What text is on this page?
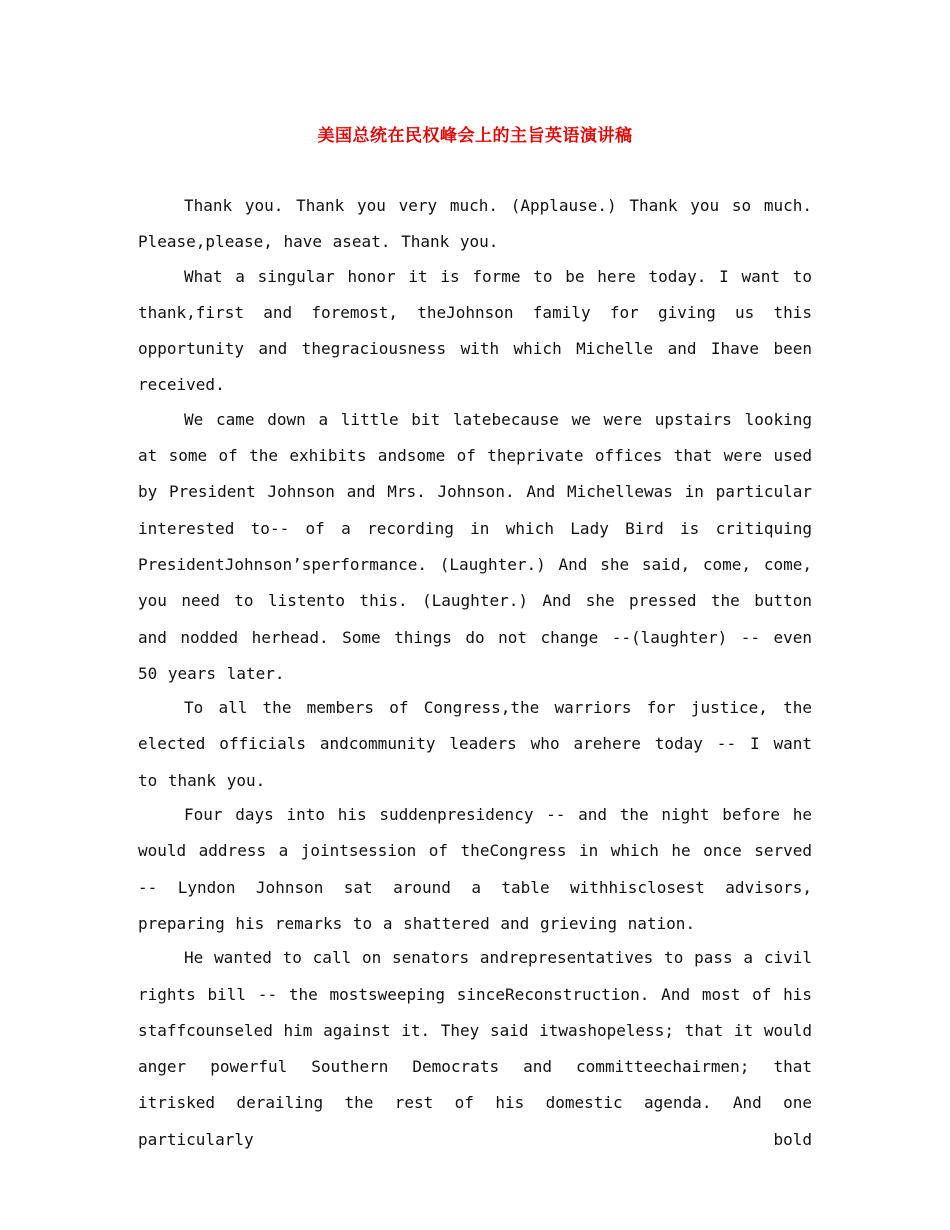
美国总统在民权峰会上的主旨英语演讲稿

Thank you. Thank you very much. (Applause.) Thank you so much. Please,please, have aseat. Thank you.

What a singular honor it is forme to be here today. I want to thank,first and foremost, theJohnson family for giving us this opportunity and thegraciousness with which Michelle and Ihave been received.

We came down a little bit latebecause we were upstairs looking at some of the exhibits andsome of theprivate offices that were used by President Johnson and Mrs. Johnson. And Michellewas in particular interested to-- of a recording in which Lady Bird is critiquing PresidentJohnson’sperformance. (Laughter.) And she said, come, come, you need to listento this. (Laughter.) And she pressed the button and nodded herhead. Some things do not change --(laughter) -- even 50 years later.

To all the members of Congress,the warriors for justice, the elected officials andcommunity leaders who arehere today -- I want to thank you.

Four days into his suddenpresidency -- and the night before he would address a jointsession of theCongress in which he once served -- Lyndon Johnson sat around a table withhisclosest advisors, preparing his remarks to a shattered and grieving nation.

He wanted to call on senators andrepresentatives to pass a civil rights bill -- the mostsweeping sinceReconstruction. And most of his staffcounseled him against it. They said itwashopeless; that it would anger powerful Southern Democrats and committeechairmen; that itrisked derailing the rest of his domestic agenda. And one particularly bold
